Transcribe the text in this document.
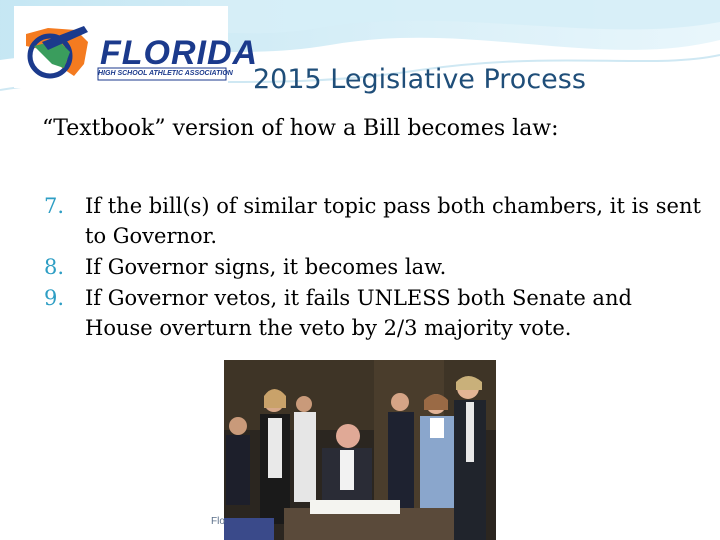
FLORIDA
HIGH SCHOOL ATHLETIC ASSOCIATION 2015 Legislative Process
“Textbook” version of how a Bill becomes law:
7. If the bill(s) of similar topic pass both chambers, it is sent to Governor.
8. If Governor signs, it becomes law.
9. If Governor vetos, it fails UNLESS both Senate and House overturn the veto by 2/3 majority vote.
Flo
